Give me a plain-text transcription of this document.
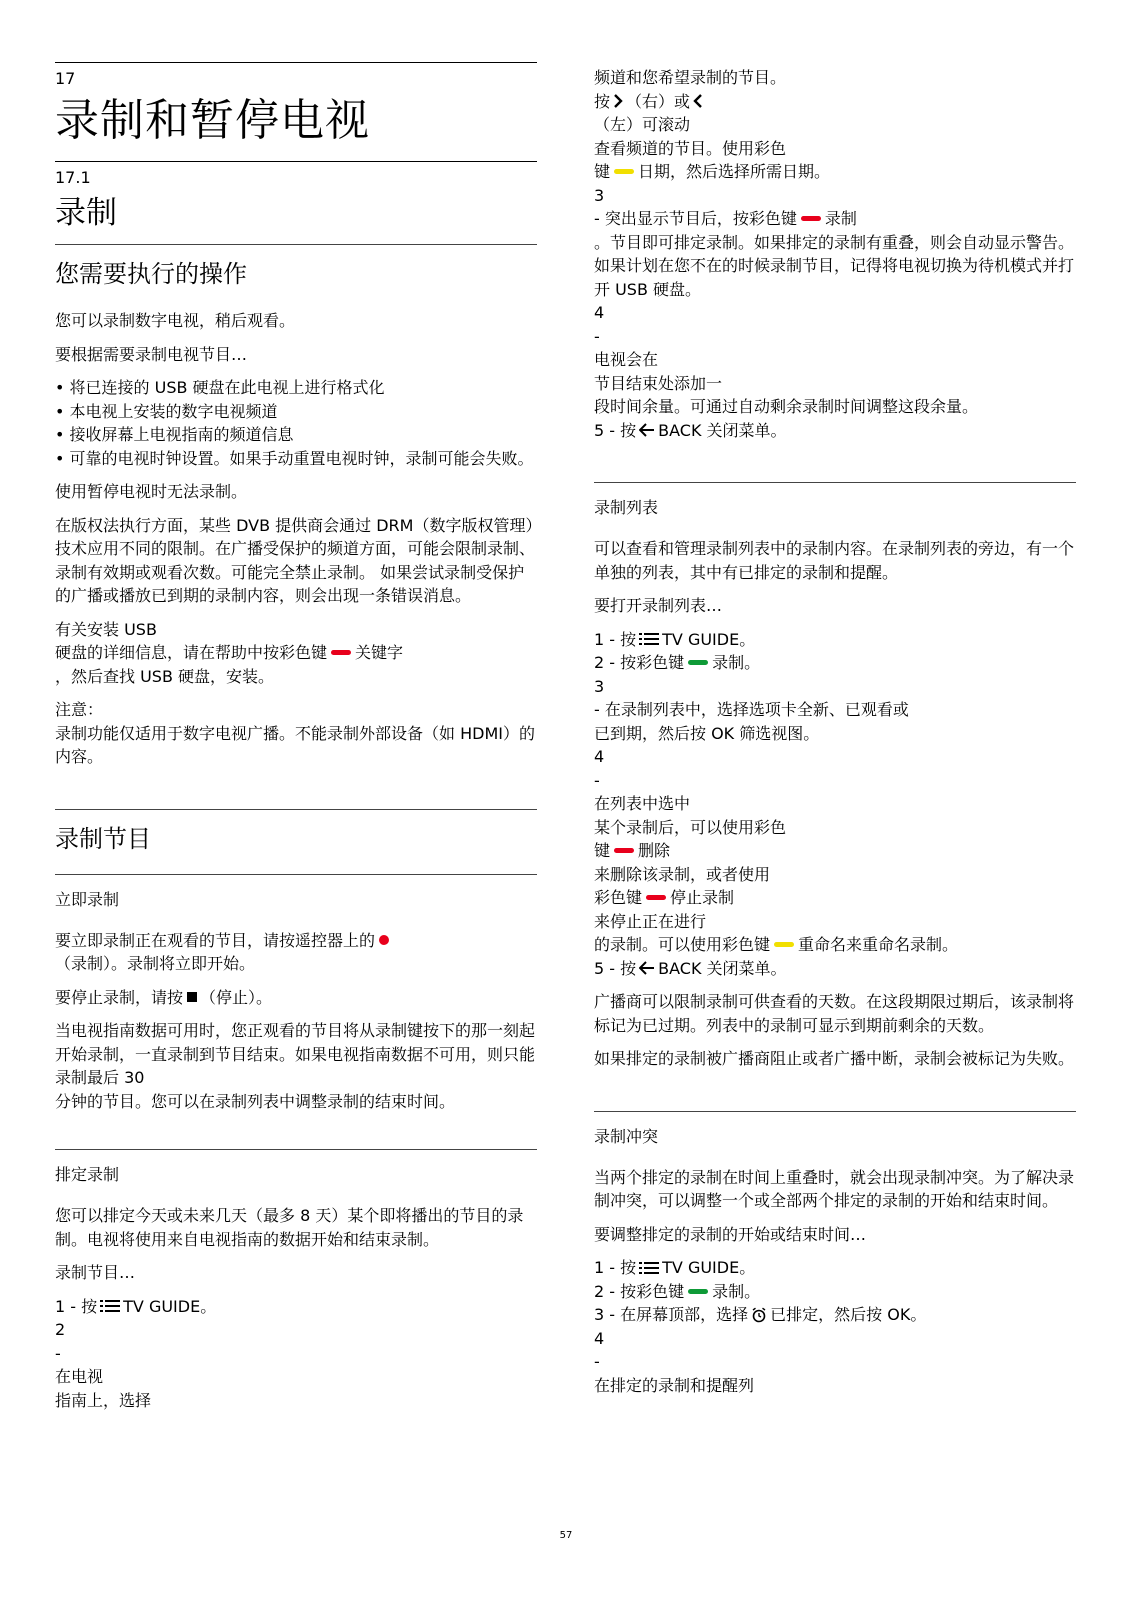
17
录制和暂停电视
17.1
录制
您需要执行的操作

您可以录制数字电视，稍后观看。

要根据需要录制电视节目…

• 将已连接的 USB 硬盘在此电视上进行格式化
• 本电视上安装的数字电视频道
• 接收屏幕上电视指南的频道信息
• 可靠的电视时钟设置。如果手动重置电视时钟，录制可能会失败。

使用暂停电视时无法录制。

在版权法执行方面，某些 DVB 提供商会通过 DRM（数字版权管理）技术应用不同的限制。在广播受保护的频道方面，可能会限制录制、录制有效期或观看次数。可能完全禁止录制。 如果尝试录制受保护的广播或播放已到期的录制内容，则会出现一条错误消息。

有关安装 USB
硬盘的详细信息，请在帮助中按彩色键 关键字

，然后查找 USB 硬盘，安装。

注意：

录制功能仅适用于数字电视广播。不能录制外部设备（如 HDMI）的内容。

录制节目
立即录制
要立即录制正在观看的节目，请按遥控器上的

（录制）。录制将立即开始。

要停止录制，请按 （停止）。

当电视指南数据可用时，您正观看的节目将从录制键按下的那一刻起开始录制，一直录制到节目结束。如果电视指南数据不可用，则只能录制最后 30

分钟的节目。您可以在录制列表中调整录制的结束时间。

排定录制

您可以排定今天或未来几天（最多 8 天）某个即将播出的节目的录制。电视将使用来自电视指南的数据开始和结束录制。

录制节目…

1 - 按 TV GUIDE。
2
-
在电视
指南上，选择
频道和您希望录制的节目。
按 （右）或
（左）可滚动
查看频道的节目。使用彩色
键 日期，然后选择所需日期。
3
- 突出显示节目后，按彩色键 录制
。节目即可排定录制。如果排定的录制有重叠，则会自动显示警告。如果计划在您不在的时候录制节目，记得将电视切换为待机模式并打开 USB 硬盘。
4
-
电视会在
节目结束处添加一
段时间余量。可通过自动剩余录制时间调整这段余量。
5 - 按 BACK 关闭菜单。
录制列表

可以查看和管理录制列表中的录制内容。在录制列表的旁边，有一个单独的列表，其中有已排定的录制和提醒。

要打开录制列表…

1 - 按 TV GUIDE。
2 - 按彩色键 录制。
3
- 在录制列表中，选择选项卡全新、已观看或
已到期，然后按 OK 筛选视图。
4
-
在列表中选中
某个录制后，可以使用彩色
键 删除
来删除该录制，或者使用
彩色键 停止录制
来停止正在进行
的录制。可以使用彩色键 重命名来重命名录制。

5 - 按 BACK 关闭菜单。

广播商可以限制录制可供查看的天数。在这段期限过期后，该录制将标记为已过期。列表中的录制可显示到期前剩余的天数。

如果排定的录制被广播商阻止或者广播中断，录制会被标记为失败。

录制冲突

当两个排定的录制在时间上重叠时，就会出现录制冲突。为了解决录制冲突，可以调整一个或全部两个排定的录制的开始和结束时间。

要调整排定的录制的开始或结束时间…

1 - 按 TV GUIDE。
2 - 按彩色键 录制。
3 - 在屏幕顶部，选择 已排定，然后按 OK。
4
-
在排定的录制和提醒列
57
